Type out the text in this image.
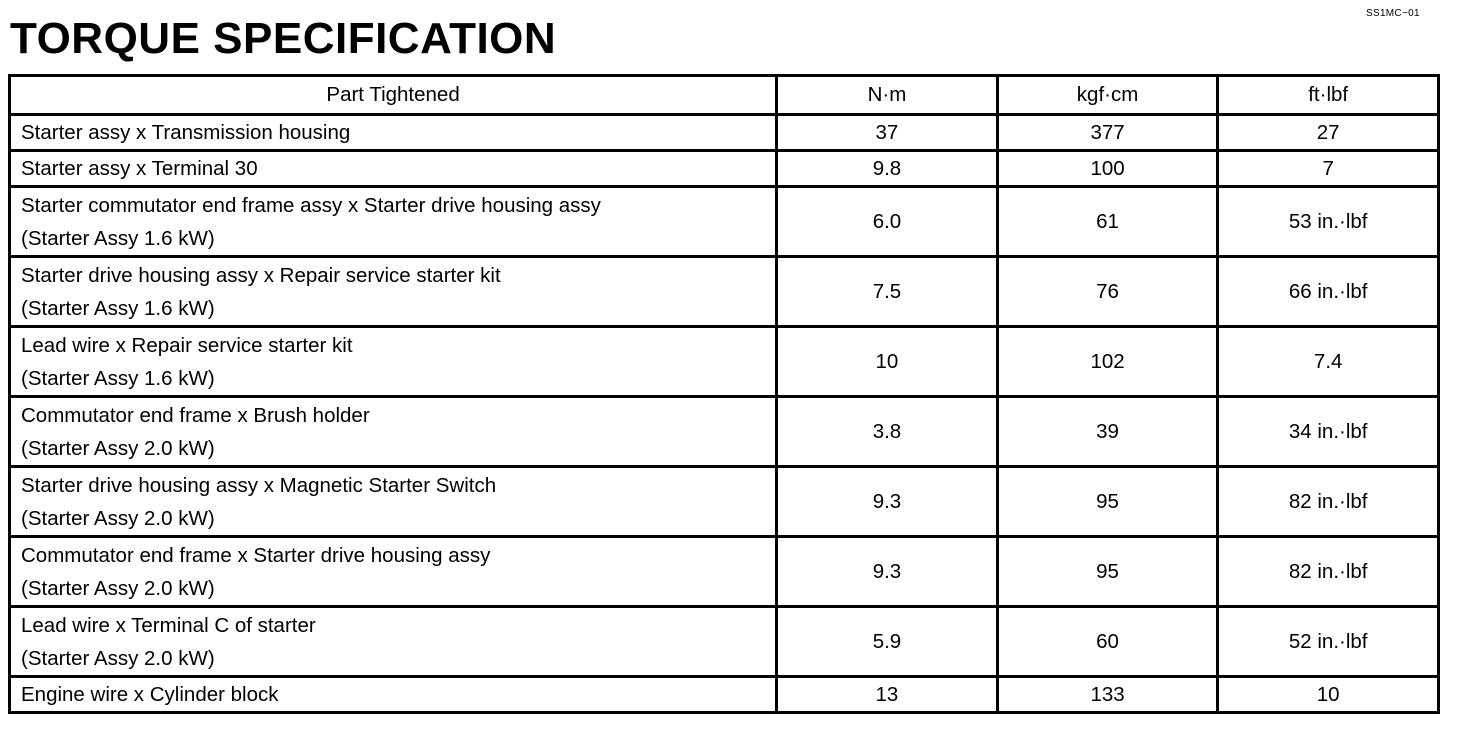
SS1MC−01
TORQUE SPECIFICATION
Part Tightened	N·m	kgf·cm	ft·lbf

Starter assy x Transmission housing	37	377	27

Starter assy x Terminal 30	9.8	100	7

Starter commutator end frame assy x Starter drive housing assy
(Starter Assy 1.6 kW)	6.0	61	53 in.·lbf

Starter drive housing assy x Repair service starter kit
(Starter Assy 1.6 kW)	7.5	76	66 in.·lbf

Lead wire x Repair service starter kit
(Starter Assy 1.6 kW)	10	102	7.4

Commutator end frame x Brush holder
(Starter Assy 2.0 kW)	3.8	39	34 in.·lbf

Starter drive housing assy x Magnetic Starter Switch
(Starter Assy 2.0 kW)	9.3	95	82 in.·lbf

Commutator end frame x Starter drive housing assy
(Starter Assy 2.0 kW)	9.3	95	82 in.·lbf

Lead wire x Terminal C of starter
(Starter Assy 2.0 kW)	5.9	60	52 in.·lbf

Engine wire x Cylinder block	13	133	10
